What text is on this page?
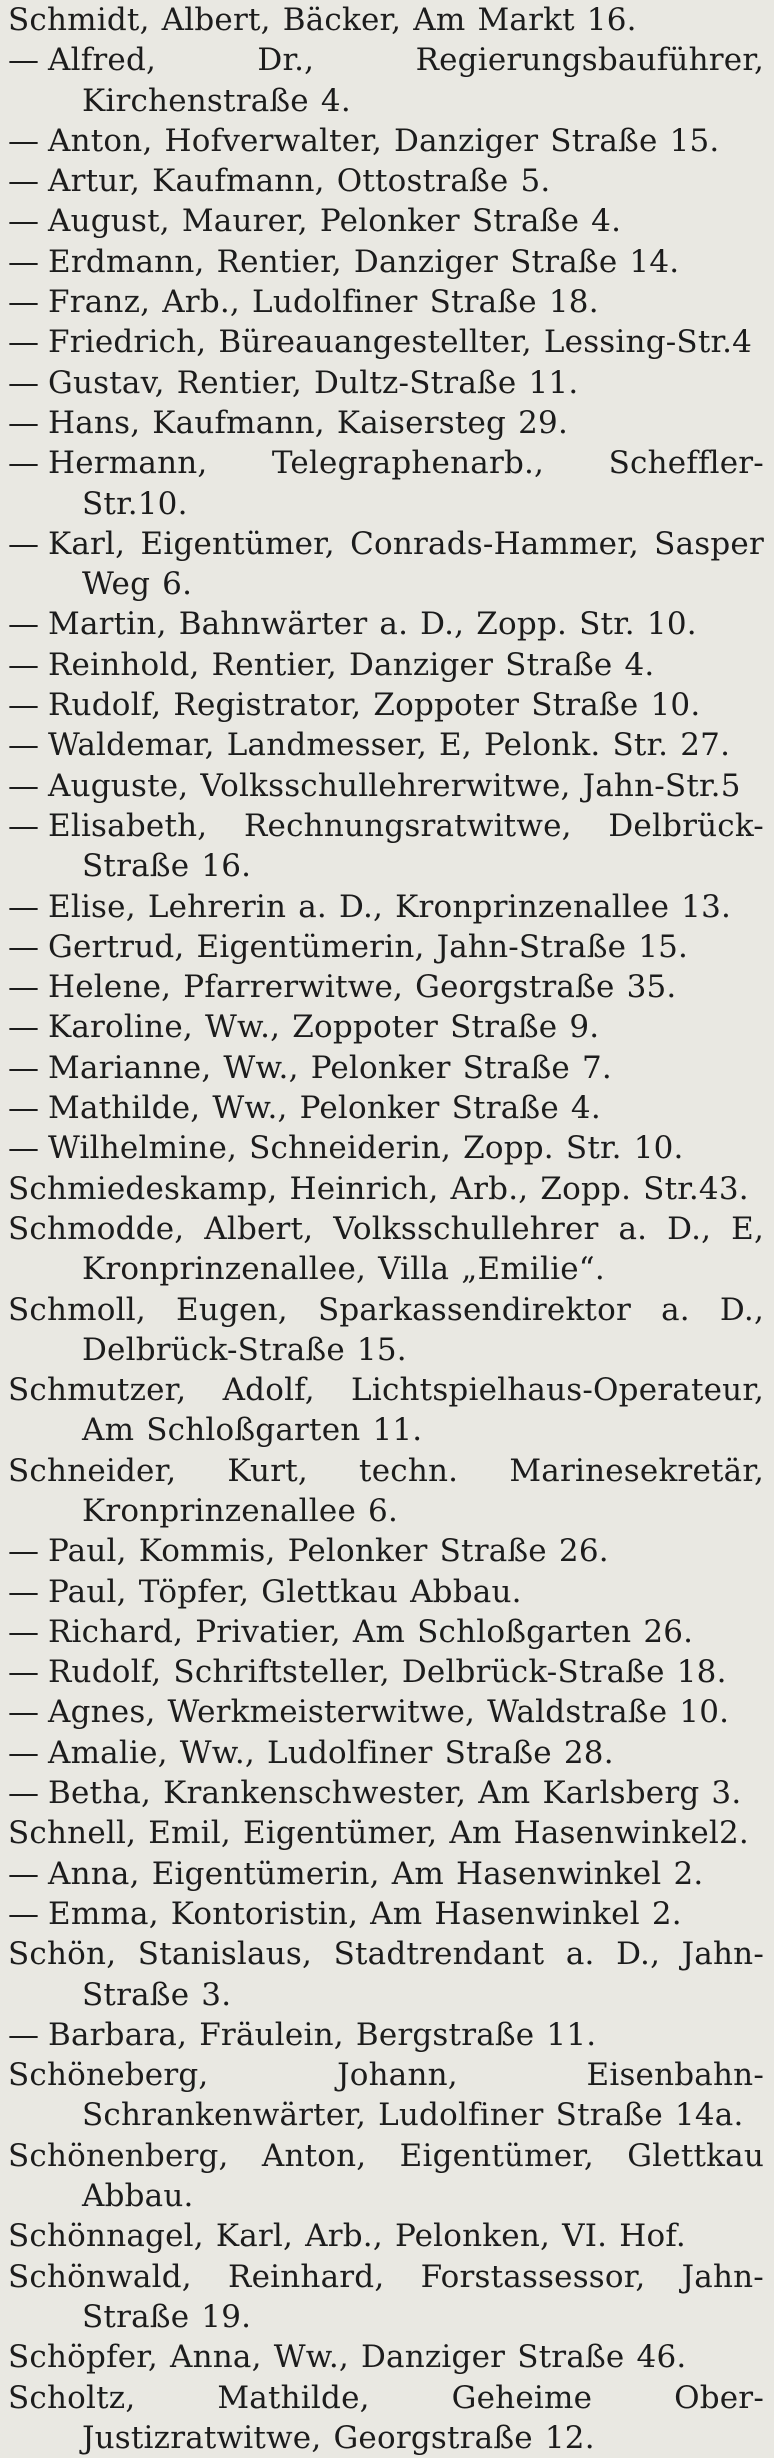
Schmidt, Albert, Bäcker, Am Markt 16.
— Alfred, Dr., Regierungsbauführer, Kirchenstraße 4.
— Anton, Hofverwalter, Danziger Straße 15.
— Artur, Kaufmann, Ottostraße 5.
— August, Maurer, Pelonker Straße 4.
— Erdmann, Rentier, Danziger Straße 14.
— Franz, Arb., Ludolfiner Straße 18.
— Friedrich, Büreauangestellter, Lessing-Str.4
— Gustav, Rentier, Dultz-Straße 11.
— Hans, Kaufmann, Kaisersteg 29.
— Hermann, Telegraphenarb., Scheffler-Str.10.
— Karl, Eigentümer, Conrads-Hammer, Sasper Weg 6.
— Martin, Bahnwärter a. D., Zopp. Str. 10.
— Reinhold, Rentier, Danziger Straße 4.
— Rudolf, Registrator, Zoppoter Straße 10.
— Waldemar, Landmesser, E, Pelonk. Str. 27.
— Auguste, Volksschullehrerwitwe, Jahn-Str.5
— Elisabeth, Rechnungsratwitwe, Delbrück-Straße 16.
— Elise, Lehrerin a. D., Kronprinzenallee 13.
— Gertrud, Eigentümerin, Jahn-Straße 15.
— Helene, Pfarrerwitwe, Georgstraße 35.
— Karoline, Ww., Zoppoter Straße 9.
— Marianne, Ww., Pelonker Straße 7.
— Mathilde, Ww., Pelonker Straße 4.
— Wilhelmine, Schneiderin, Zopp. Str. 10.
Schmiedeskamp, Heinrich, Arb., Zopp. Str.43.
Schmodde, Albert, Volksschullehrer a. D., E, Kronprinzenallee, Villa „Emilie“.
Schmoll, Eugen, Sparkassendirektor a. D., Delbrück-Straße 15.
Schmutzer, Adolf, Lichtspielhaus-Operateur, Am Schloßgarten 11.
Schneider, Kurt, techn. Marinesekretär, Kronprinzenallee 6.
— Paul, Kommis, Pelonker Straße 26.
— Paul, Töpfer, Glettkau Abbau.
— Richard, Privatier, Am Schloßgarten 26.
— Rudolf, Schriftsteller, Delbrück-Straße 18.
— Agnes, Werkmeisterwitwe, Waldstraße 10.
— Amalie, Ww., Ludolfiner Straße 28.
— Betha, Krankenschwester, Am Karlsberg 3.
Schnell, Emil, Eigentümer, Am Hasenwinkel2.
— Anna, Eigentümerin, Am Hasenwinkel 2.
— Emma, Kontoristin, Am Hasenwinkel 2.
Schön, Stanislaus, Stadtrendant a. D., Jahn-Straße 3.
— Barbara, Fräulein, Bergstraße 11.
Schöneberg, Johann, Eisenbahn-Schrankenwärter, Ludolfiner Straße 14a.
Schönenberg, Anton, Eigentümer, Glettkau Abbau.
Schönnagel, Karl, Arb., Pelonken, VI. Hof.
Schönwald, Reinhard, Forstassessor, Jahn-Straße 19.
Schöpfer, Anna, Ww., Danziger Straße 46.
Scholtz, Mathilde, Geheime Ober-Justizratwitwe, Georgstraße 12.
